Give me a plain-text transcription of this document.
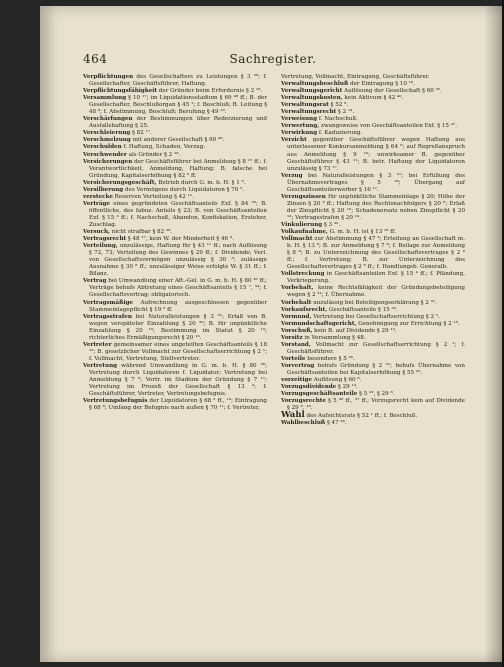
464	Sachregister.

Verpflichtungen des Gesellschafters zu Leistungen § 3 ³⁸; f. Gesellschafter, Geschäftsführer, Haftung.

Verpflichtungsfähigkeit der Gründer beim Erfordernis § 2 ¹⁸.

Versammlung § 10 ¹⁷; im Liquidationsstadium § 69 ⁴⁸ ff.; B. der Gesellschafter, Beschlußorgan § 45 ¹; f. Beschluß; B. Leitung § 48 ⁸; f. Abstimmung, Beschluß; Berufung § 49 ¹⁰.

Verschärfungen der Bestimmungen über Rederzierung und Ausfallshaftung § 25.

Verschleierung § 82 ¹⁷.

Verschmelzung mit anderer Gesellschaft § 60 ⁴⁹.

Verschulden f. Haftung, Schaden, Verzug.

Verschwender als Gründer § 2 ¹⁸.

Versicherungen der Geschäftsführer bei Anmeldung § 8 ¹⁵ ff.; f. Verantwortlichkeit, Anmeldung, Haftung; B. falsche bei Gründung, Kapitalserhöhung § 82 ⁶ ff.

Versicherungsgeschäft, Betrieb durch G. m. b. H. § 1 ⁸.

Versilberung des Vermögens durch Liquidatoren § 70 ⁵.

verstecke Reserven Verteilung § 42 ¹¹.

Verträge eines gegründeten Geschäftsanteils Exf. § 84 ³⁶; B. öffentliche, des fabuz. Anteils § 23; B. von Geschäftsanteilen Exf. § 15 ³ ff.; f. Nachschuß, Abandon, Konfiskation, Ersteher, Zuschlag.

Versuch, nicht strafbar § 82 ²⁸.

Vertragsrecht § 48 ¹⁷, kein W. der Minderheit § 46 ⁹.

Verteilung, unzulässige, Haftung für § 43 ¹¹ ff.; nach Auflösung § 72, 73; Verteilung des Gewinnes § 29 ff.; f. Dividende; Verl. von Gesellschaftsvermögen unzulässig § 30 ⁸; zulässige Ausnahme § 30 ⁸ ff.; unzulässiger Weise erfolgte W. § 31 ff.; f. Bilanz.

Vertrag bei Umwandlung einer Aft.-Gel. in G. m. b. H. § 80 ³⁶ ff.; Verträge behufs Abtretung eines Geschäftsanteils § 15 ⁷, ³⁴; f. Gesellschaftsvertrag; obligatorisch.

Vertragsmäßige Aufrechnung ausgeschlossen gegenüber Stammeinlagepflicht § 19 ⁸ ff.

Vertragsstrafen bei Naturalleistungen § 3 ³¹; Erlaß von B. wegen verspäteter Einzahlung § 20 ²⁰; B. für unpünktliche Einzahlung § 20 ¹⁹; Bestimmung im Statut § 20 ¹⁹; richterliches Ermäßigungsrecht § 20 ¹⁹.

Vertreter gemeinsamer eines ungeteilten Geschäftsanteils § 18 ¹⁰; B. gesetzlicher Vollmacht zur Gesellschaftserrichtung § 2 ¹; f. Vollmacht, Vertretung, Stellvertreter.

Vertretung während Umwandlung in G. m. b. H. § 80 ³⁶; Vertretung durch Liquidatoren f. Liquidator; Vertretung bei Anmeldung § 7 ⁸; Vertr. im Stadium der Gründung § 7 ¹¹; Vertretung im Prozeß der Gesellschaft § 13 ⁴; f. Geschäftsführer, Vertreter, Vertretungsbefugnis.

Vertretungsbefugnis der Liquidatoren § 68 ³ ff., ¹⁹; Eintragung § 68 ⁸; Umfang der Befugnis nach außen § 70 ¹¹; f. Vertreter,

Vertretung, Vollmacht, Eintragung, Geschäftsführer.

Verwaltungsbeschluß der Eintragung § 10 ¹⁸.

Verwaltungsgericht Auflösung der Gesellschaft § 60 ³⁵.

Verwaltungskosten, kein Aktivum § 42 ⁴⁰.

Verwaltungsrat § 52 ⁸.

Verwaltungsrecht § 2 ¹⁴.

Verweisung f. Nachschuß.

Verwertung, zwangsweise von Geschäftsanteilen Exf. § 15 ⁴⁷.

Verwirkung f. Kaduzierung.

Verzicht gegenüber Geschäftsführer wegen Haftung aus unterlassener Konkursanmeldung § 64 ⁸; auf Regreßanspruch aus Anmeldung § 9 ¹⁰; unwirksamer B. gegenüber Geschäftsführer § 43 ¹¹; B. betr. Haftung der Liquidatoren unzulässig § 73 ¹⁷.

Verzug bei Naturalleistungen § 3 ³¹; bei Erfüllung des Übernahmevertrages § 5 ³⁶; Übergang auf Geschäftsanteilerwerber § 16 ¹⁷.

Verzugszinsen für unpünktliche Stammeinlage § 20; Höhe der Zinsen § 20 ⁸ ff.; Haftung des Rechtsnachfolgers § 20 ⁸; Erlaß der Zinspflicht § 20 ¹⁰; Schadenersatz neben Zinspflicht § 20 ¹³; Vertragsstrafen § 20 ¹⁹.

Vinkulierung § 3 ³⁰.

Volkaufnahme, G. m. b. H. ist § 13 ¹⁸ ff.

Vollmacht zur Abstimmung § 47 ⁴; Erteilung an Gesellschaft m. b. H. § 13 ⁸; B. zur Anmeldung § 7 ⁸; f. Beilage zur Anmeldung § 8 ⁸; B. zu Unterzeichnung des Gesellschaftsvertrages § 2 ⁸ ff.; f. Vertretung; B. zur Unterzeichnung des Gesellschaftsvertrages § 2 ⁸ ff.; f. Handlungsb. Generalb.

Vollstreckung in Geschäftsanteilen Exf. § 15 ⁴ ff.; f. Pfändung, Verkriegerung.

Vorbehalt, keine Rechtsfähigkeit der Gründungsbeteiligung wegen § 2 ³¹; f. Übernahme.

Vorbehalt unzulässig bei Beteiligungserklärung § 2 ³¹.

Vorkaufsrecht, Geschäftsanteile § 15 ³⁰.

Vormund, Vertretung bei Gesellschaftserrichtung § 2 ⁵.

Vormundschaftsgericht, Genehmigung zur Errichtung § 2 ¹⁸.

Vorschuß, kein B. auf Dividende § 29 ¹³.

Vorsitz in Versammlung § 48.

Vorstand, Vollmacht zur Gesellschaftserrichtung § 2 ¹; f. Geschäftsführer.

Vorteile besondere § 5 ³⁶.

Vorvertrag behufs Gründung § 2 ²¹; behufs Übernahme von Geschäftsanteilen bei Kapitalserhöhung § 55 ²⁰.

vorzeitige Auflösung § 60 ⁸.

Vorzugsdividende § 29 ¹⁴.

Vorzugsgeschäftsanteile § 5 ³³, § 29 ⁸.

Vorzugsrechte § 5 ³⁸ ff., ³⁷ ff.; Vorzugsrecht kein auf Dividende § 29 ⁸, ¹⁸.

Wahl des Aufsichtsrats § 52 ¹ ff.; f. Beschluß.

Wahlbeschluß § 47 ³⁸.
